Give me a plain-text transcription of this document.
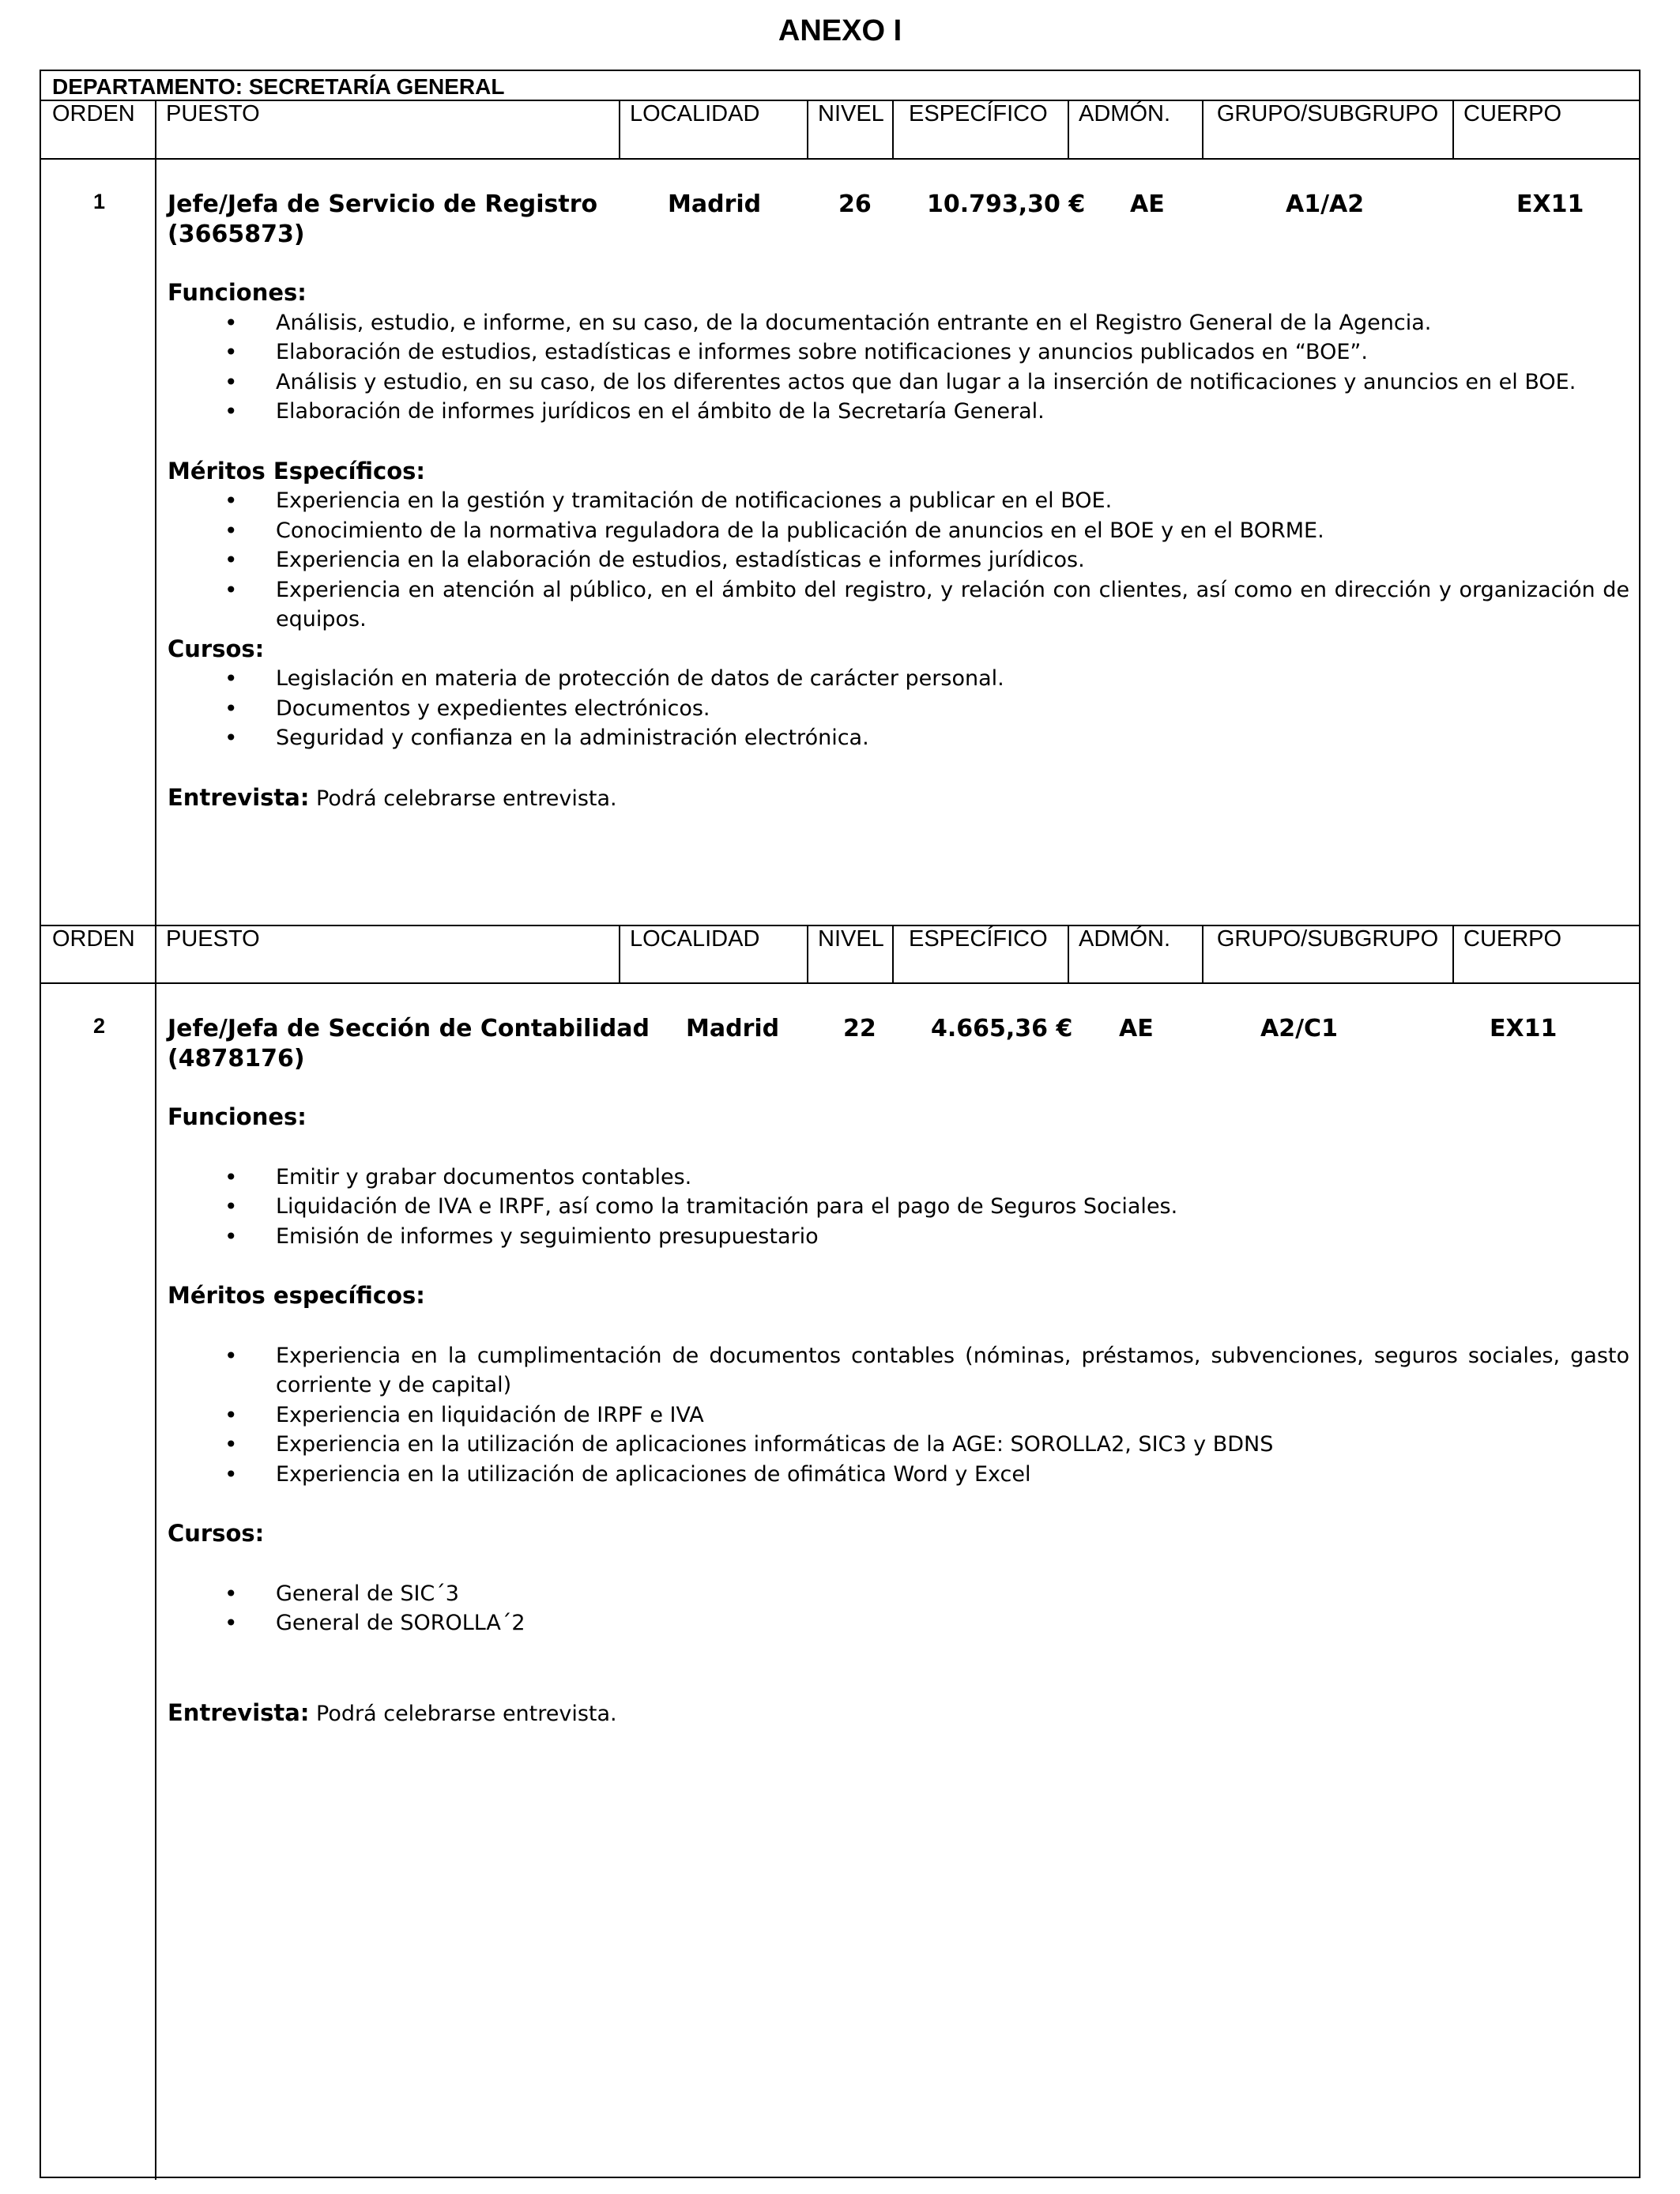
ANEXO I
DEPARTAMENTO: SECRETARÍA GENERAL
ORDEN PUESTO	LOCALIDAD	NIVEL ESPECÍFICO ADMÓN.	GRUPO/SUBGRUPO	CUERPO
ORDEN PUESTO	LOCALIDAD	NIVEL ESPECÍFICO ADMÓN.	GRUPO/SUBGRUPO	CUERPO
1	Jefe/Jefa de Servicio de Registro	Madrid	26 10.793,30 € AE	A1/A2	EX11
(3665873)
Funciones:
• Análisis, estudio, e informe, en su caso, de la documentación entrante en el Registro General de la Agencia.
• Elaboración de estudios, estadísticas e informes sobre notificaciones y anuncios publicados en “BOE”.
• Análisis y estudio, en su caso, de los diferentes actos que dan lugar a la inserción de notificaciones y anuncios en el BOE.
• Elaboración de informes jurídicos en el ámbito de la Secretaría General.
Méritos Específicos:
• Experiencia en la gestión y tramitación de notificaciones a publicar en el BOE.
• Conocimiento de la normativa reguladora de la publicación de anuncios en el BOE y en el BORME.
• Experiencia en la elaboración de estudios, estadísticas e informes jurídicos.
• Experiencia en atención al público, en el ámbito del registro, y relación con clientes, así como en dirección y organización de equipos.
Cursos:
• Legislación en materia de protección de datos de carácter personal.
• Documentos y expedientes electrónicos.
• Seguridad y confianza en la administración electrónica.
Entrevista: Podrá celebrarse entrevista.
2	Jefe/Jefa de Sección de Contabilidad Madrid	22 4.665,36 € AE	A2/C1	EX11
(4878176)
Funciones:
• Emitir y grabar documentos contables.
• Liquidación de IVA e IRPF, así como la tramitación para el pago de Seguros Sociales.
• Emisión de informes y seguimiento presupuestario
Méritos específicos:
• Experiencia en la cumplimentación de documentos contables (nóminas, préstamos, subvenciones, seguros sociales, gasto corriente y de capital)
• Experiencia en liquidación de IRPF e IVA
• Experiencia en la utilización de aplicaciones informáticas de la AGE: SOROLLA2, SIC3 y BDNS
• Experiencia en la utilización de aplicaciones de ofimática Word y Excel
Cursos:
• General de SIC´3
• General de SOROLLA´2
Entrevista: Podrá celebrarse entrevista.
